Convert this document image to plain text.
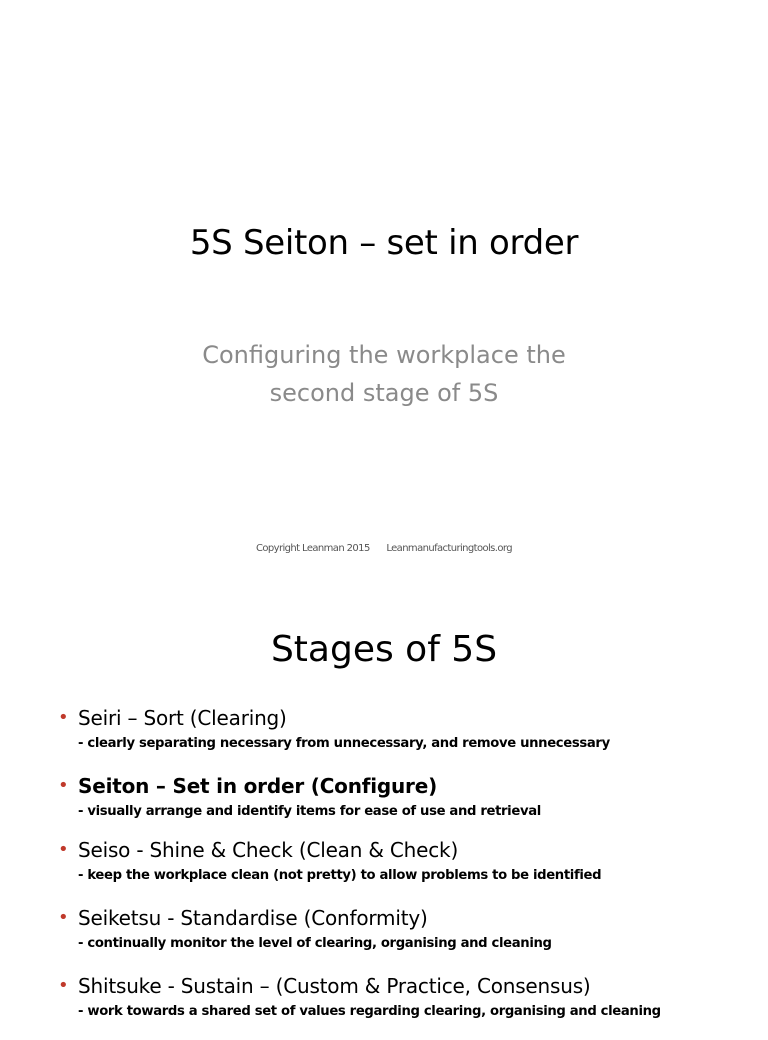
5S Seiton – set in order
Configuring the workplace the
second stage of 5S
Copyright Leanman 2015 Leanmanufacturingtools.org
Stages of 5S
• Seiri – Sort (Clearing)
- clearly separating necessary from unnecessary, and remove unnecessary
• Seiton – Set in order (Configure)
- visually arrange and identify items for ease of use and retrieval
• Seiso - Shine & Check (Clean & Check)
- keep the workplace clean (not pretty) to allow problems to be identified
• Seiketsu - Standardise (Conformity)
- continually monitor the level of clearing, organising and cleaning
• Shitsuke - Sustain – (Custom & Practice, Consensus)
- work towards a shared set of values regarding clearing, organising and cleaning
